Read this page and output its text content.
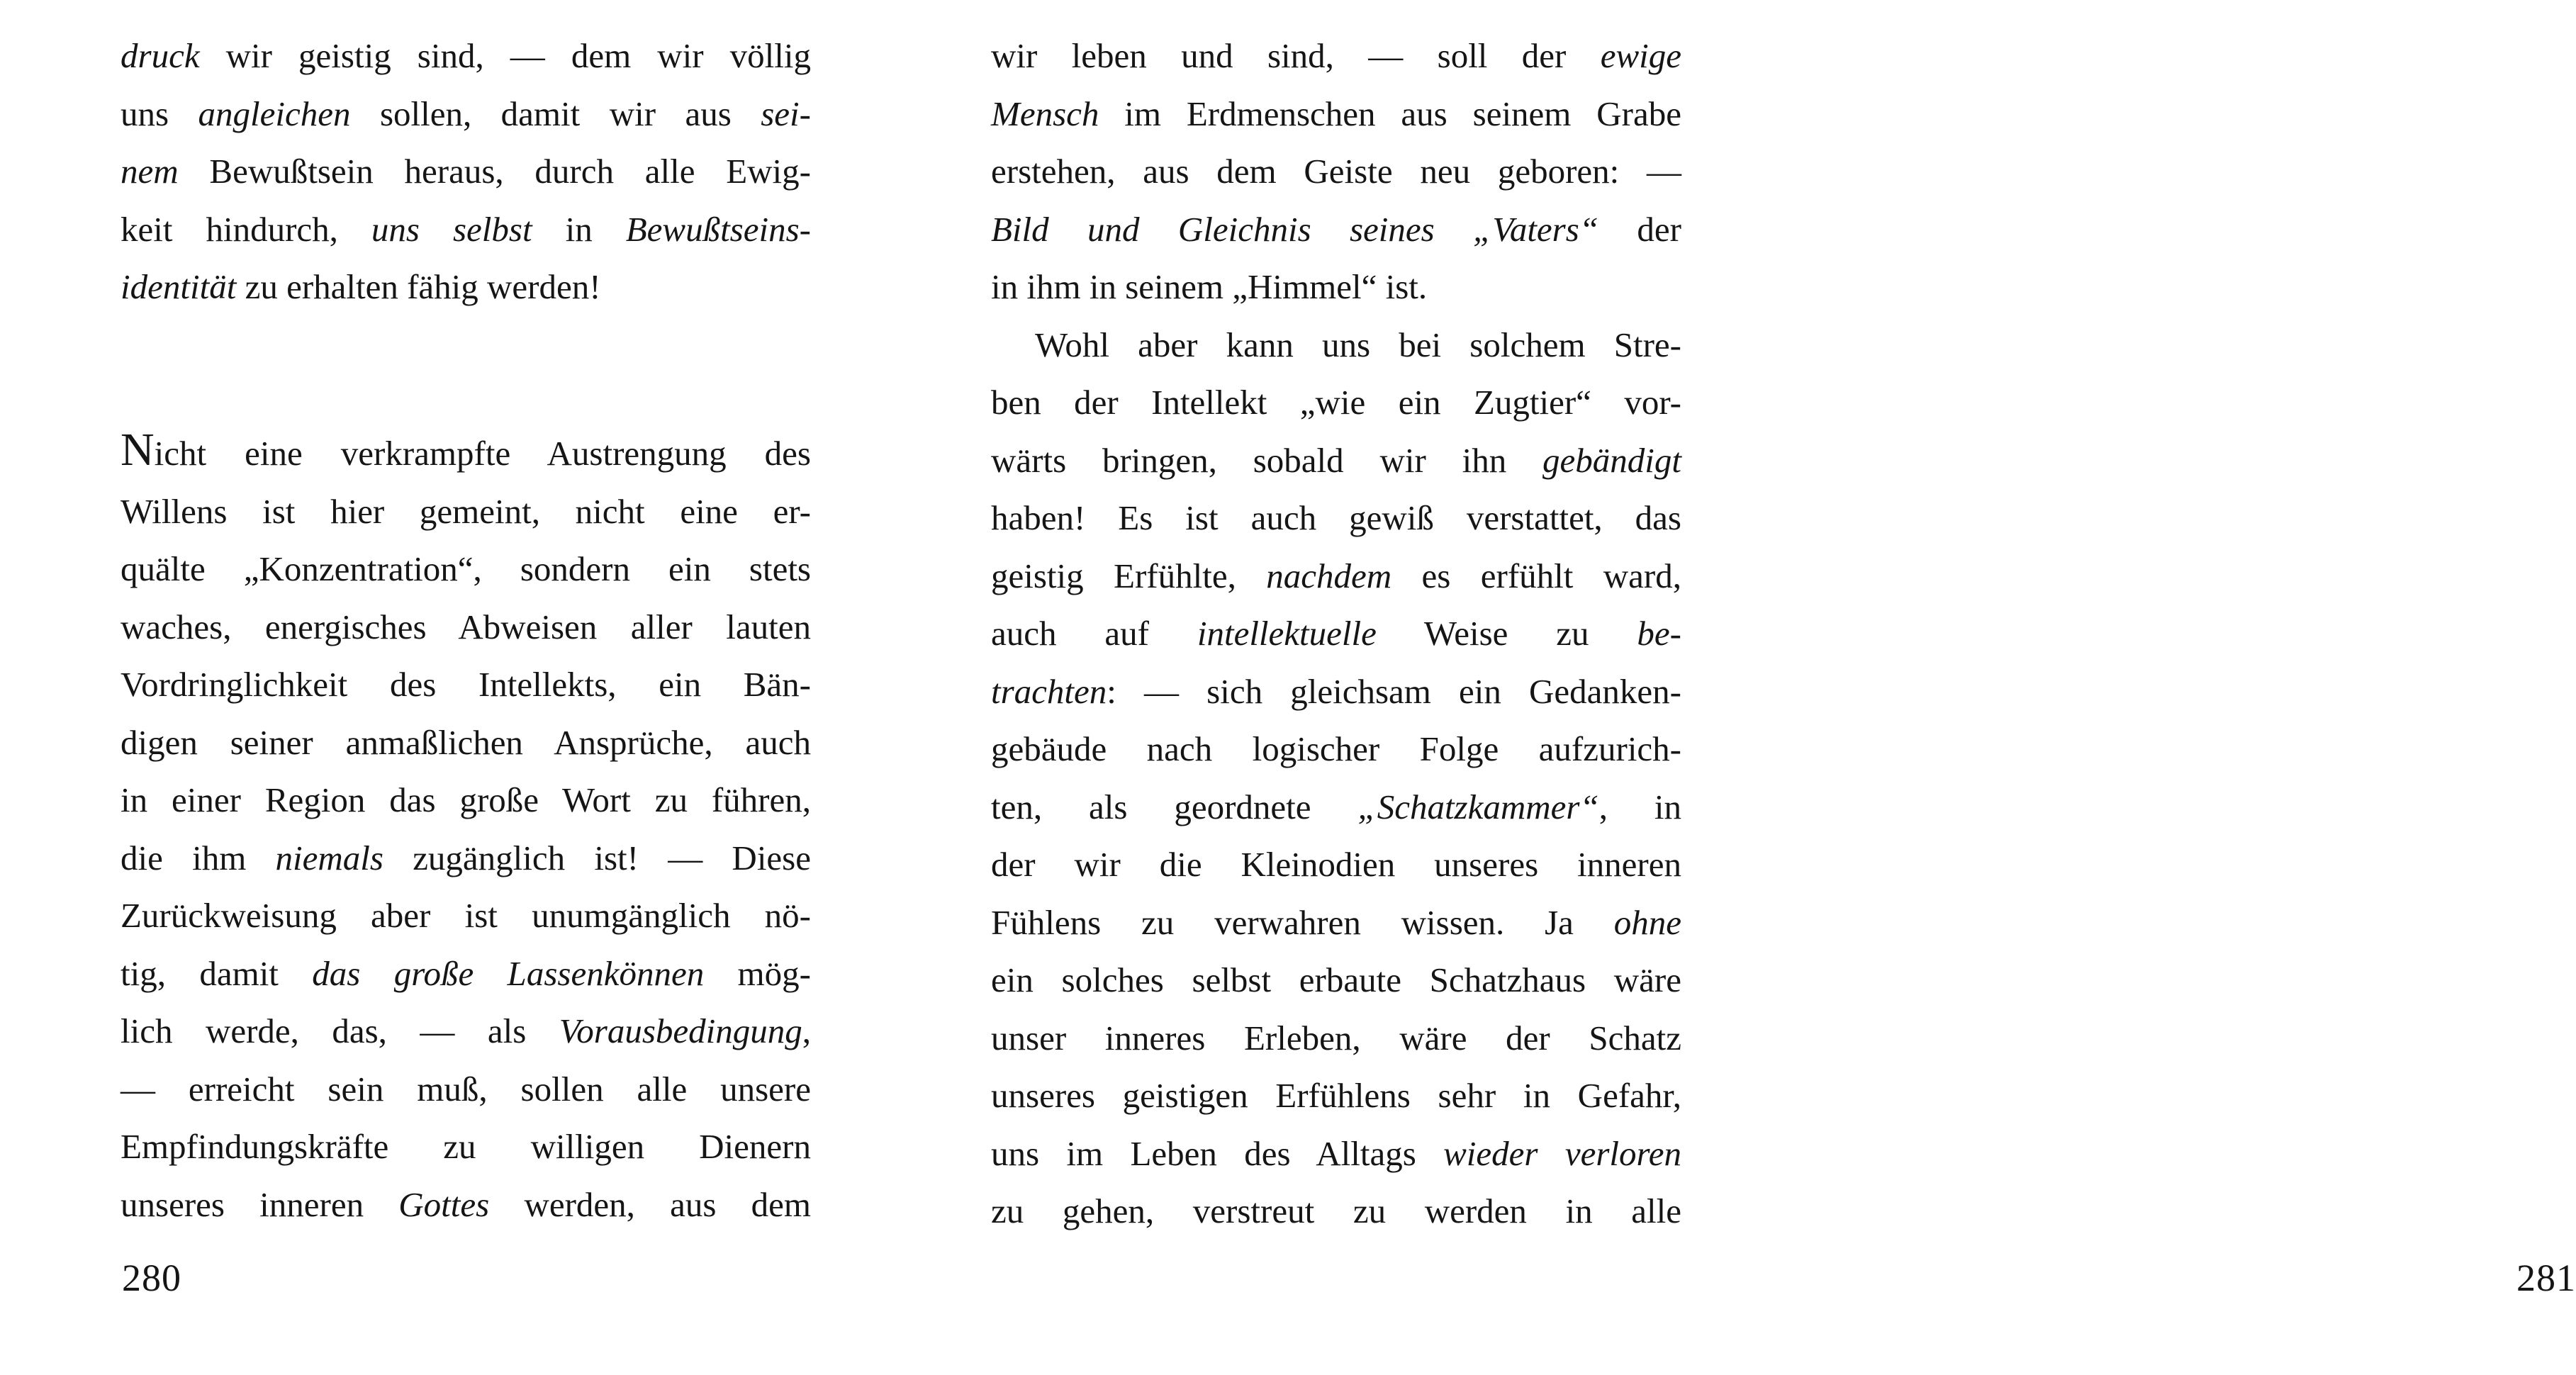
druck wir geistig sind, — dem wir völlig
uns angleichen sollen, damit wir aus sei-
nem Bewußtsein heraus, durch alle Ewig-
keit hindurch, uns selbst in Bewußtseins-
identität zu erhalten fähig werden!
Nicht eine verkrampfte Austrengung des
Willens ist hier gemeint, nicht eine er-
quälte „Konzentration“, sondern ein stets
waches, energisches Abweisen aller lauten
Vordringlichkeit des Intellekts, ein Bän-
digen seiner anmaßlichen Ansprüche, auch
in einer Region das große Wort zu führen,
die ihm niemals zugänglich ist! — Diese
Zurückweisung aber ist unumgänglich nö-
tig, damit das große Lassenkönnen mög-
lich werde, das, — als Vorausbedingung,
— erreicht sein muß, sollen alle unsere
Empfindungskräfte zu willigen Dienern
unseres inneren Gottes werden, aus dem
280
wir leben und sind, — soll der ewige
Mensch im Erdmenschen aus seinem Grabe
erstehen, aus dem Geiste neu geboren: —
Bild und Gleichnis seines „Vaters“ der
in ihm in seinem „Himmel“ ist.
Wohl aber kann uns bei solchem Stre-
ben der Intellekt „wie ein Zugtier“ vor-
wärts bringen, sobald wir ihn gebändigt
haben! Es ist auch gewiß verstattet, das
geistig Erfühlte, nachdem es erfühlt ward,
auch auf intellektuelle Weise zu be-
trachten: — sich gleichsam ein Gedanken-
gebäude nach logischer Folge aufzurich-
ten, als geordnete „Schatzkammer“, in
der wir die Kleinodien unseres inneren
Fühlens zu verwahren wissen. Ja ohne
ein solches selbst erbaute Schatzhaus wäre
unser inneres Erleben, wäre der Schatz
unseres geistigen Erfühlens sehr in Gefahr,
uns im Leben des Alltags wieder verloren
zu gehen, verstreut zu werden in alle
281
